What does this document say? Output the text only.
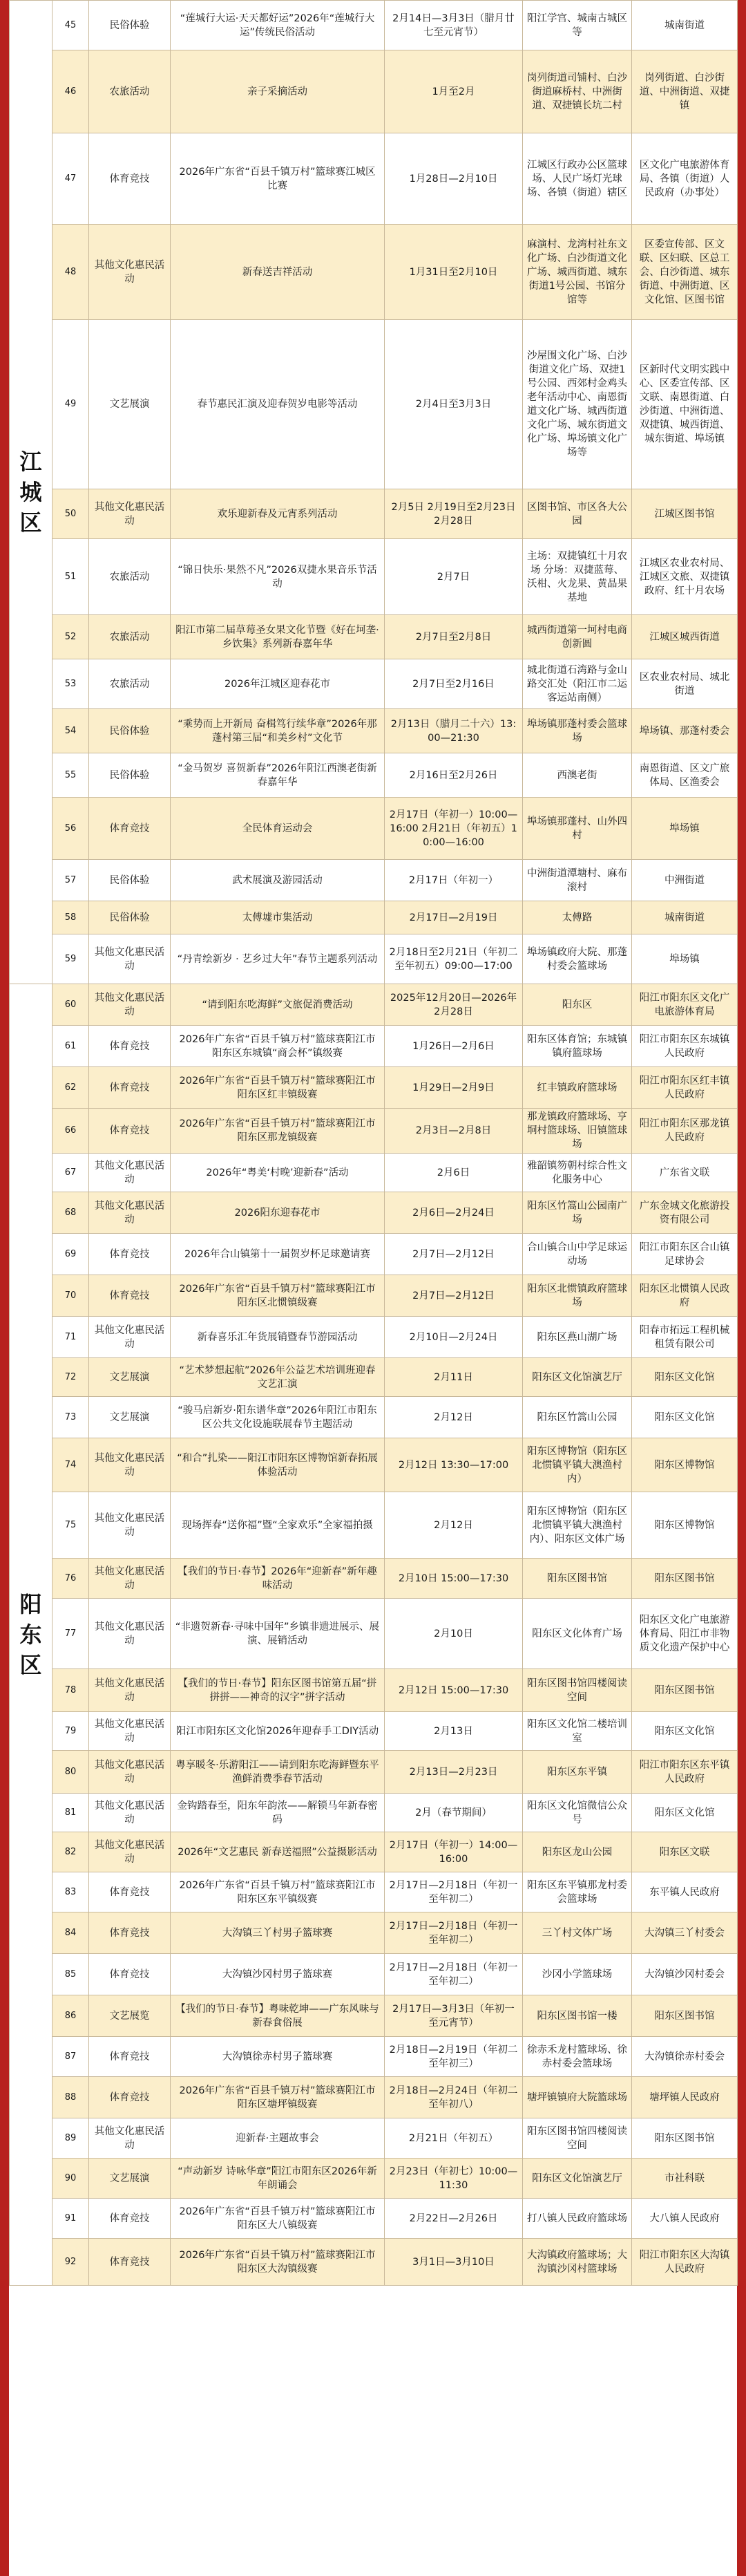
江城区	45	民俗体验	“莲城行大运·天天都好运”2026年“莲城行大运”传统民俗活动	2月14日—3月3日（腊月廿七至元宵节）	阳江学宫、城南古城区等	城南街道
	46	农旅活动	亲子采摘活动	1月至2月	岗列街道司铺村、白沙街道麻桥村、中洲街道、双捷镇长坑二村	岗列街道、白沙街道、中洲街道、双捷镇
	47	体育竞技	2026年广东省“百县千镇万村”篮球赛江城区比赛	1月28日—2月10日	江城区行政办公区篮球场、人民广场灯光球场、各镇（街道）辖区	区文化广电旅游体育局、各镇（街道）人民政府（办事处）
	48	其他文化惠民活动	新春送吉祥活动	1月31日至2月10日	麻演村、龙湾村社东文化广场、白沙街道文化广场、城西街道、城东街道1号公园、书馆分馆等	区委宣传部、区文联、区妇联、区总工会、白沙街道、城东街道、中洲街道、区文化馆、区图书馆
	49	文艺展演	春节惠民汇演及迎春贺岁电影等活动	2月4日至3月3日	沙屋围文化广场、白沙街道文化广场、双捷1号公园、西郊村金鸡头老年活动中心、南恩街道文化广场、城西街道文化广场、城东街道文化广场、埠场镇文化广场等	区新时代文明实践中心、区委宣传部、区文联、南恩街道、白沙街道、中洲街道、双捷镇、城西街道、城东街道、埠场镇
	50	其他文化惠民活动	欢乐迎新春及元宵系列活动	2月5日 2月19日至2月23日 2月28日	区图书馆、市区各大公园	江城区图书馆
	51	农旅活动	“锦日快乐·果然不凡”2026双捷水果音乐节活动	2月7日	主场：双捷镇红十月农场 分场：双捷蓝莓、沃柑、火龙果、黄晶果基地	江城区农业农村局、江城区文旅、双捷镇政府、红十月农场
	52	农旅活动	阳江市第二届草莓圣女果文化节暨《好在坷垄·乡饮集》系列新春嘉年华	2月7日至2月8日	城西街道第一坷村电商创新圆	江城区城西街道
	53	农旅活动	2026年江城区迎春花市	2月7日至2月16日	城北街道石湾路与金山路交汇处（阳江市二运客运站南侧）	区农业农村局、城北街道
	54	民俗体验	“乘势而上开新局 奋楫笃行续华章”2026年那蓬村第三届“和美乡村”文化节	2月13日（腊月二十六）13:00—21:30	埠场镇那蓬村委会篮球场	埠场镇、那蓬村委会
	55	民俗体验	“金马贺岁 喜贺新春”2026年阳江西澳老街新春嘉年华	2月16日至2月26日	西澳老街	南恩街道、区文广旅体局、区渔委会
	56	体育竞技	全民体育运动会	2月17日（年初一）10:00—16:00 2月21日（年初五）10:00—16:00	埠场镇那蓬村、山外四村	埠场镇
	57	民俗体验	武术展演及游园活动	2月17日（年初一）	中洲街道潭塘村、麻布滚村	中洲街道
	58	民俗体验	太傅墟市集活动	2月17日—2月19日	太傅路	城南街道
	59	其他文化惠民活动	“丹青绘新岁 · 艺乡过大年”春节主题系列活动	2月18日至2月21日（年初二至年初五）09:00—17:00	埠场镇政府大院、那蓬村委会篮球场	埠场镇

阳东区	60	其他文化惠民活动	“请到阳东吃海鲜”文旅促消费活动	2025年12月20日—2026年2月28日	阳东区	阳江市阳东区文化广电旅游体育局
	61	体育竞技	2026年广东省“百县千镇万村”篮球赛阳江市阳东区东城镇“商会杯”镇级赛	1月26日—2月6日	阳东区体育馆；东城镇镇府篮球场	阳江市阳东区东城镇人民政府
	62	体育竞技	2026年广东省“百县千镇万村”篮球赛阳江市阳东区红丰镇级赛	1月29日—2月9日	红丰镇政府篮球场	阳江市阳东区红丰镇人民政府
	66	体育竞技	2026年广东省“百县千镇万村”篮球赛阳江市阳东区那龙镇级赛	2月3日—2月8日	那龙镇政府篮球场、亨垌村篮球场、旧镇篮球场	阳江市阳东区那龙镇人民政府
	67	其他文化惠民活动	2026年“粤美‘村晚’迎新春”活动	2月6日	雅韶镇笏朝村综合性文化服务中心	广东省文联
	68	其他文化惠民活动	2026阳东迎春花市	2月6日—2月24日	阳东区竹篙山公园南广场	广东金城文化旅游投资有限公司
	69	体育竞技	2026年合山镇第十一届贺岁杯足球邀请赛	2月7日—2月12日	合山镇合山中学足球运动场	阳江市阳东区合山镇足球协会
	70	体育竞技	2026年广东省“百县千镇万村”篮球赛阳江市阳东区北惯镇级赛	2月7日—2月12日	阳东区北惯镇政府篮球场	阳东区北惯镇人民政府
	71	其他文化惠民活动	新春喜乐汇年货展销暨春节游园活动	2月10日—2月24日	阳东区燕山湖广场	阳春市拓远工程机械租赁有限公司
	72	文艺展演	“艺术梦想起航”2026年公益艺术培训班迎春文艺汇演	2月11日	阳东区文化馆演艺厅	阳东区文化馆
	73	文艺展演	“骏马启新岁·阳东谱华章”2026年阳江市阳东区公共文化设施联展春节主题活动	2月12日	阳东区竹篙山公园	阳东区文化馆
	74	其他文化惠民活动	“和合”扎染——阳江市阳东区博物馆新春拓展体验活动	2月12日 13:30—17:00	阳东区博物馆（阳东区北惯镇平镇大澳渔村内）	阳东区博物馆
	75	其他文化惠民活动	现场挥春“送你福”暨“全家欢乐”全家福拍摄	2月12日	阳东区博物馆（阳东区北惯镇平镇大澳渔村内）、阳东区文体广场	阳东区博物馆
	76	其他文化惠民活动	【我们的节日·春节】2026年“迎新春”新年趣味活动	2月10日 15:00—17:30	阳东区图书馆	阳东区图书馆
	77	其他文化惠民活动	“非遗贺新春·寻味中国年”乡镇非遗进展示、展演、展销活动	2月10日	阳东区文化体育广场	阳东区文化广电旅游体育局、阳江市非物质文化遗产保护中心
	78	其他文化惠民活动	【我们的节日·春节】阳东区图书馆第五届“拼拼拼——神奇的汉字”拼字活动	2月12日 15:00—17:30	阳东区图书馆四楼阅读空间	阳东区图书馆
	79	其他文化惠民活动	阳江市阳东区文化馆2026年迎春手工DIY活动	2月13日	阳东区文化馆二楼培训室	阳东区文化馆
	80	其他文化惠民活动	粤享暖冬·乐游阳江——请到阳东吃海鲜暨东平渔鲜消费季春节活动	2月13日—2月23日	阳东区东平镇	阳江市阳东区东平镇人民政府
	81	其他文化惠民活动	金钩踏春至，阳东年韵浓——解锁马年新春密码	2月（春节期间）	阳东区文化馆微信公众号	阳东区文化馆
	82	其他文化惠民活动	2026年“文艺惠民 新春送福照”公益摄影活动	2月17日（年初一）14:00—16:00	阳东区龙山公园	阳东区文联
	83	体育竞技	2026年广东省“百县千镇万村”篮球赛阳江市阳东区东平镇级赛	2月17日—2月18日（年初一至年初二）	阳东区东平镇那龙村委会篮球场	东平镇人民政府
	84	体育竞技	大沟镇三丫村男子篮球赛	2月17日—2月18日（年初一至年初二）	三丫村文体广场	大沟镇三丫村委会
	85	体育竞技	大沟镇沙冈村男子篮球赛	2月17日—2月18日（年初一至年初二）	沙冈小学篮球场	大沟镇沙冈村委会
	86	文艺展览	【我们的节日·春节】粤味乾坤——广东风味与新春食俗展	2月17日—3月3日（年初一至元宵节）	阳东区图书馆一楼	阳东区图书馆
	87	体育竞技	大沟镇徐赤村男子篮球赛	2月18日—2月19日（年初二至年初三）	徐赤禾龙村篮球场、徐赤村委会篮球场	大沟镇徐赤村委会
	88	体育竞技	2026年广东省“百县千镇万村”篮球赛阳江市阳东区塘坪镇级赛	2月18日—2月24日（年初二至年初八）	塘坪镇镇府大院篮球场	塘坪镇人民政府
	89	其他文化惠民活动	迎新春·主题故事会	2月21日（年初五）	阳东区图书馆四楼阅读空间	阳东区图书馆
	90	文艺展演	“声动新岁 诗咏华章”阳江市阳东区2026年新年朗诵会	2月23日（年初七）10:00—11:30	阳东区文化馆演艺厅	市社科联
	91	体育竞技	2026年广东省“百县千镇万村”篮球赛阳江市阳东区大八镇级赛	2月22日—2月26日	打八镇人民政府篮球场	大八镇人民政府
	92	体育竞技	2026年广东省“百县千镇万村”篮球赛阳江市阳东区大沟镇级赛	3月1日—3月10日	大沟镇政府篮球场；大沟镇沙冈村篮球场	阳江市阳东区大沟镇人民政府
